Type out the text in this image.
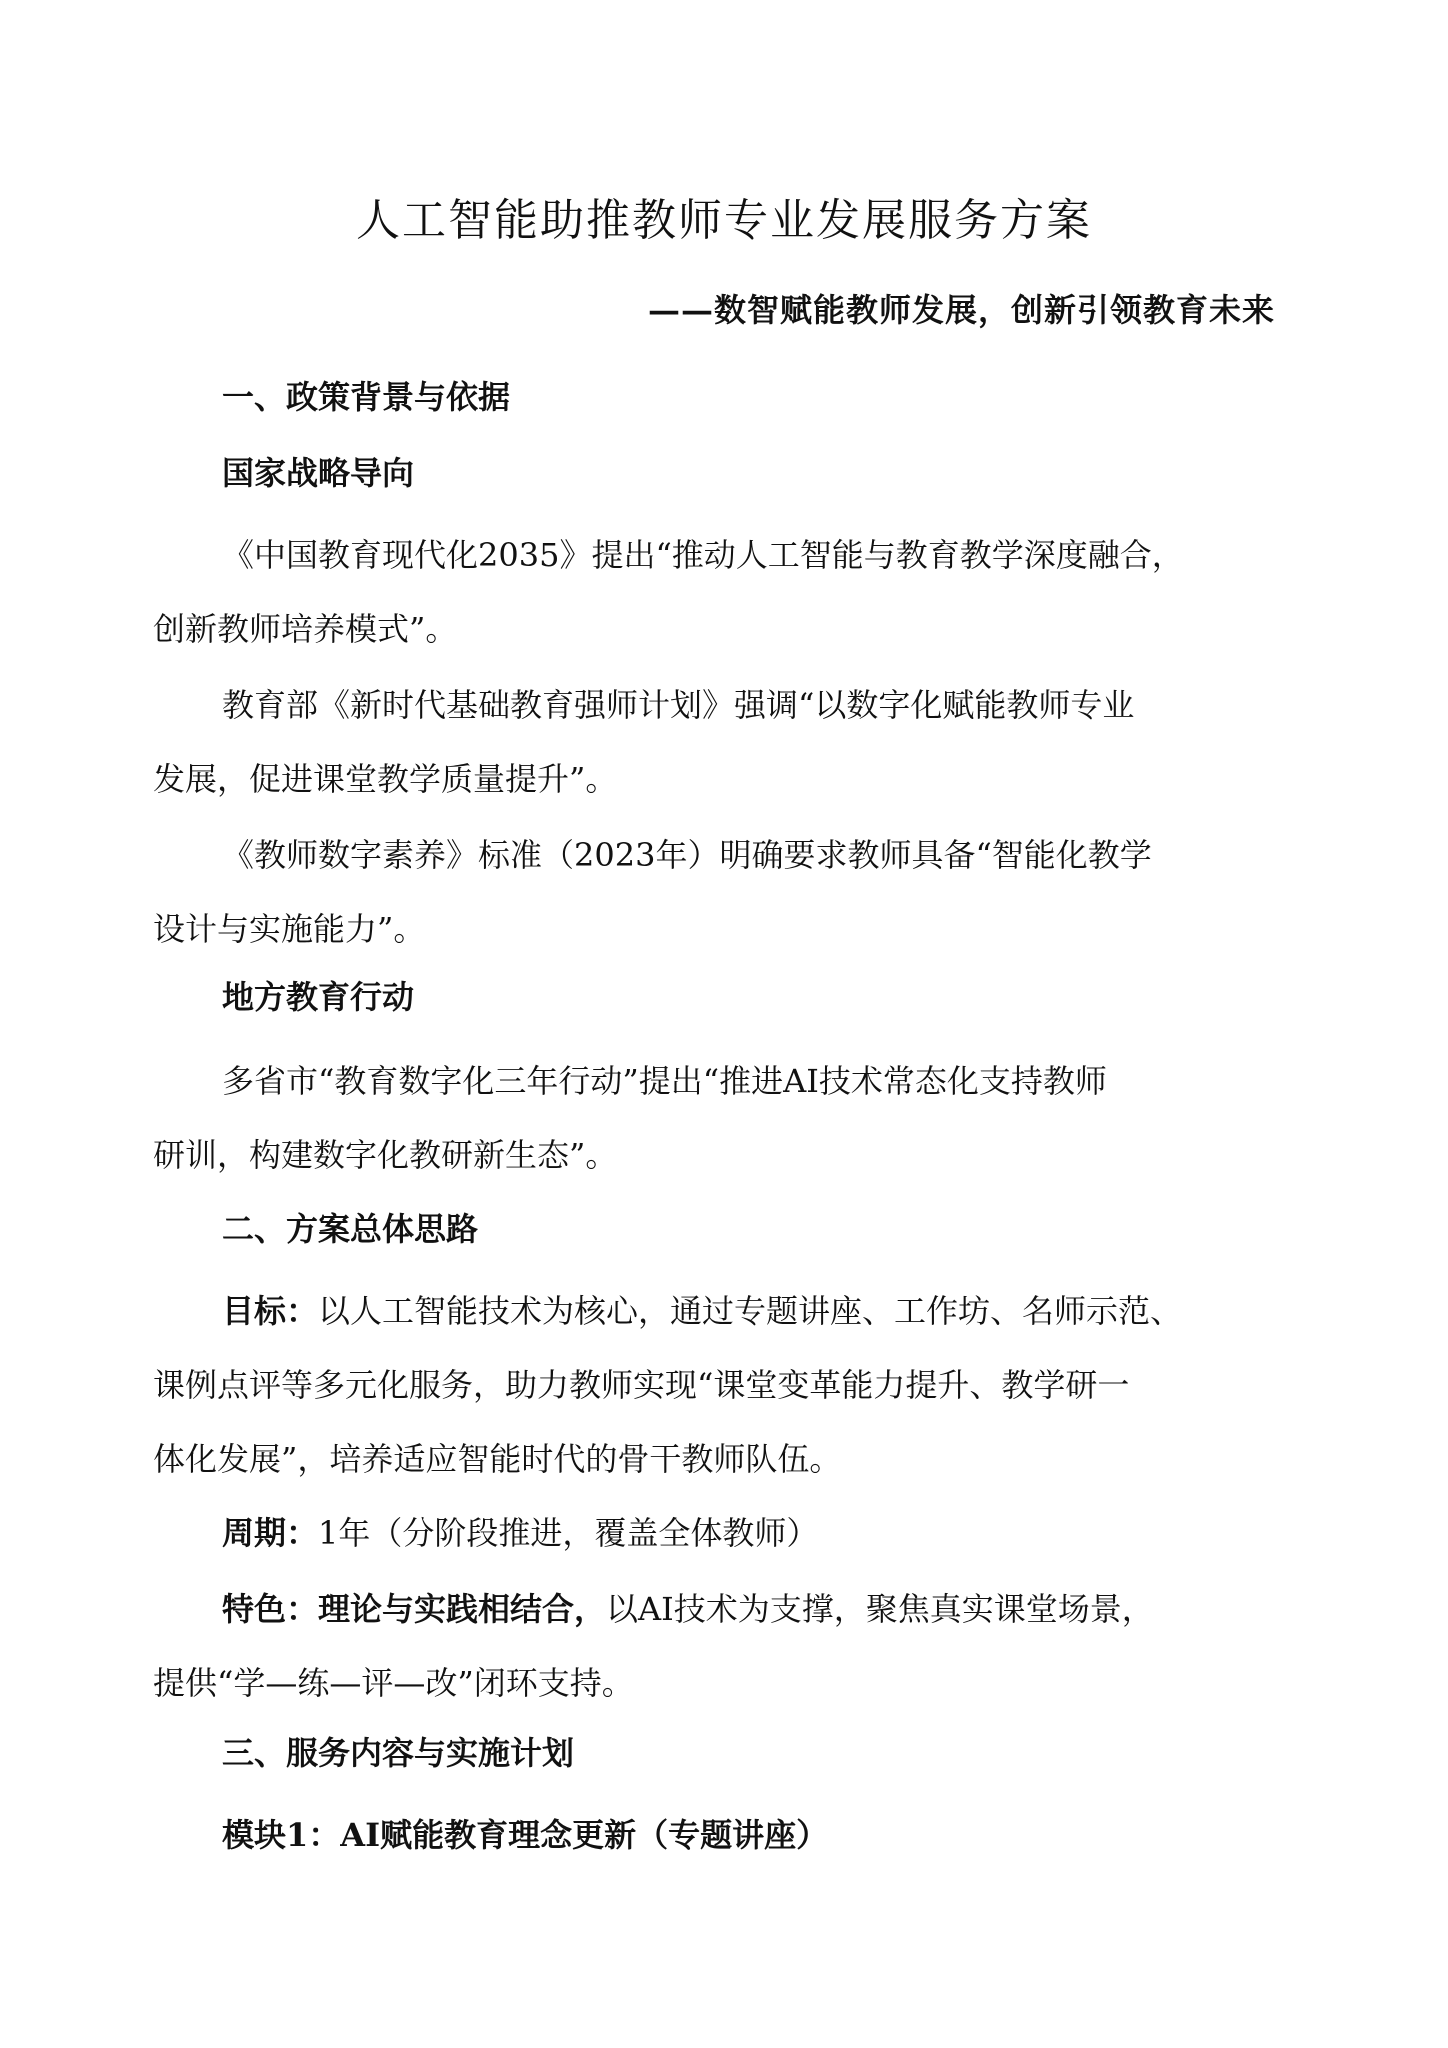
人工智能助推教师专业发展服务方案
——数智赋能教师发展，创新引领教育未来
一、政策背景与依据
国家战略导向
《中国教育现代化2035》提出“推动人工智能与教育教学深度融合，
创新教师培养模式”。
教育部《新时代基础教育强师计划》强调“以数字化赋能教师专业
发展，促进课堂教学质量提升”。
《教师数字素养》标准（2023年）明确要求教师具备“智能化教学
设计与实施能力”。
地方教育行动
多省市“教育数字化三年行动”提出“推进AI技术常态化支持教师
研训，构建数字化教研新生态”。
二、方案总体思路
目标：以人工智能技术为核心，通过专题讲座、工作坊、名师示范、
课例点评等多元化服务，助力教师实现“课堂变革能力提升、教学研一
体化发展”，培养适应智能时代的骨干教师队伍。
周期：1年（分阶段推进，覆盖全体教师）
特色：理论与实践相结合，以AI技术为支撑，聚焦真实课堂场景，
提供“学—练—评—改”闭环支持。
三、服务内容与实施计划
模块1：AI赋能教育理念更新（专题讲座）
